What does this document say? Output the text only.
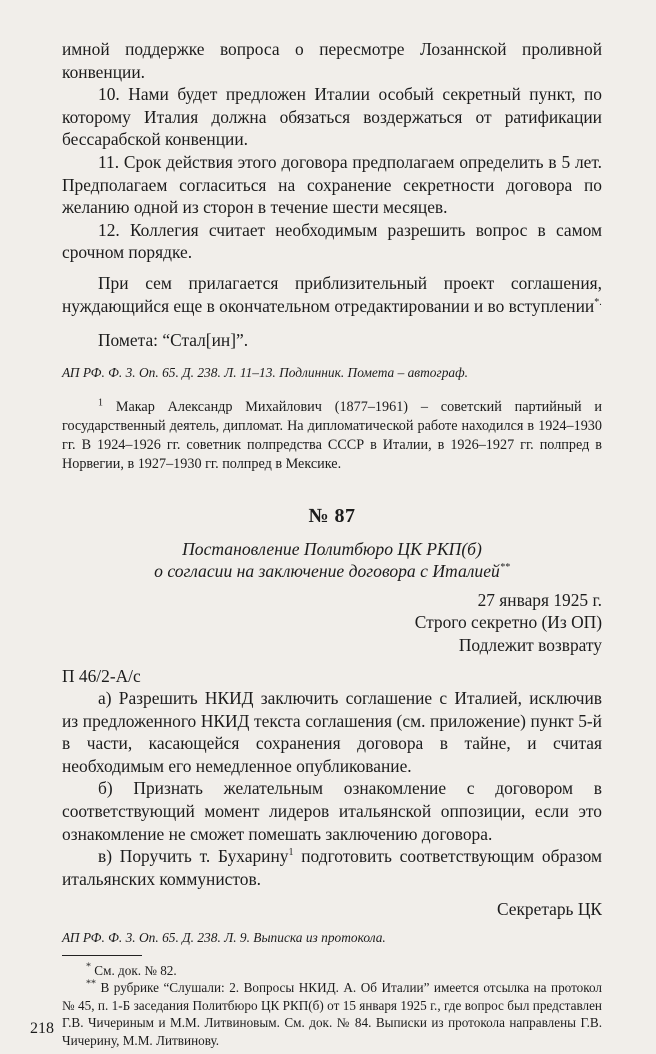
имной поддержке вопроса о пересмотре Лозаннской проливной конвенции.

10. Нами будет предложен Италии особый секретный пункт, по которому Италия должна обязаться воздержаться от ратификации бессарабской конвенции.

11. Срок действия этого договора предполагаем определить в 5 лет. Предполагаем согласиться на сохранение секретности договора по желанию одной из сторон в течение шести месяцев.

12. Коллегия считает необходимым разрешить вопрос в самом срочном порядке.

При сем прилагается приблизительный проект соглашения, нуждающийся еще в окончательном отредактировании и во вступлении*.

Помета: “Стал[ин]”.

АП РФ. Ф. 3. Оп. 65. Д. 238. Л. 11–13. Подлинник. Помета – автограф.

$^1$ Макар Александр Михайлович (1877–1961) – советский партийный и государственный деятель, дипломат. На дипломатической работе находился в 1924–1930 гг. В 1924–1926 гг. советник полпредства СССР в Италии, в 1926–1927 гг. полпред в Норвегии, в 1927–1930 гг. полпред в Мексике.

№ 87

Постановление Политбюро ЦК РКП(б)
о согласии на заключение договора с Италией**

27 января 1925 г.

Строго секретно (Из ОП)

Подлежит возврату

П 46/2-А/с

а) Разрешить НКИД заключить соглашение с Италией, исключив из предложенного НКИД текста соглашения (см. приложение) пункт 5-й в части, касающейся сохранения договора в тайне, и считая необходимым его немедленное опубликование.

б) Признать желательным ознакомление с договором в соответствующий момент лидеров итальянской оппозиции, если это ознакомление не сможет помешать заключению договора.

в) Поручить т. Бухарину$^1$ подготовить соответствующим образом итальянских коммунистов.

Секретарь ЦК

АП РФ. Ф. 3. Оп. 65. Д. 238. Л. 9. Выписка из протокола.

* См. док. № 82.

** В рубрике “Слушали: 2. Вопросы НКИД. А. Об Италии” имеется отсылка на протокол № 45, п. 1-Б заседания Политбюро ЦК РКП(б) от 15 января 1925 г., где вопрос был представлен Г.В. Чичериным и М.М. Литвиновым. См. док. № 84. Выписки из протокола направлены Г.В. Чичерину, М.М. Литвинову.

218
